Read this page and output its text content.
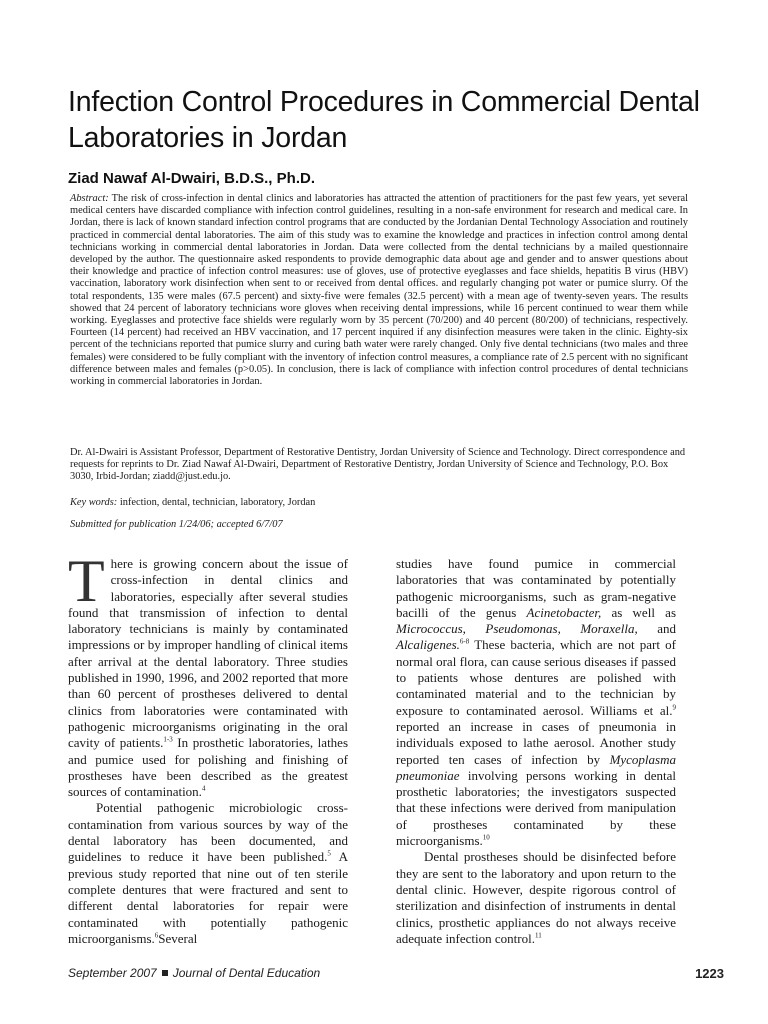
Infection Control Procedures in Commercial Dental Laboratories in Jordan
Ziad Nawaf Al-Dwairi, B.D.S., Ph.D.

Abstract: The risk of cross-infection in dental clinics and laboratories has attracted the attention of practitioners for the past few years, yet several medical centers have discarded compliance with infection control guidelines, resulting in a non-safe environment for research and medical care. In Jordan, there is lack of known standard infection control programs that are conducted by the Jordanian Dental Technology Association and routinely practiced in commercial dental laboratories. The aim of this study was to examine the knowledge and practices in infection control among dental technicians working in commercial dental laboratories in Jordan. Data were collected from the dental technicians by a mailed questionnaire developed by the author. The questionnaire asked respondents to provide demographic data about age and gender and to answer questions about their knowledge and practice of infection control measures: use of gloves, use of protective eyeglasses and face shields, hepatitis B virus (HBV) vaccination, laboratory work disinfection when sent to or received from dental offices. and regularly changing pot water or pumice slurry. Of the total respondents, 135 were males (67.5 percent) and sixty-five were females (32.5 percent) with a mean age of twenty-seven years. The results showed that 24 percent of laboratory technicians wore gloves when receiving dental impressions, while 16 percent continued to wear them while working. Eyeglasses and protective face shields were regularly worn by 35 percent (70/200) and 40 percent (80/200) of technicians, respectively. Fourteen (14 percent) had received an HBV vaccination, and 17 percent inquired if any disinfection measures were taken in the clinic. Eighty-six percent of the technicians reported that pumice slurry and curing bath water were rarely changed. Only five dental technicians (two males and three females) were considered to be fully compliant with the inventory of infection control measures, a compliance rate of 2.5 percent with no significant difference between males and females (p>0.05). In conclusion, there is lack of compliance with infection control procedures of dental technicians working in commercial laboratories in Jordan.

Dr. Al-Dwairi is Assistant Professor, Department of Restorative Dentistry, Jordan University of Science and Technology. Direct correspondence and requests for reprints to Dr. Ziad Nawaf Al-Dwairi, Department of Restorative Dentistry, Jordan University of Science and Technology, P.O. Box 3030, Irbid-Jordan; ziadd@just.edu.jo.

Key words: infection, dental, technician, laboratory, Jordan
Submitted for publication 1/24/06; accepted 6/7/07

There is growing concern about the issue of cross-infection in dental clinics and laboratories, especially after several studies found that transmission of infection to dental laboratory technicians is mainly by contaminated impressions or by improper handling of clinical items after arrival at the dental laboratory. Three studies published in 1990, 1996, and 2002 reported that more than 60 percent of prostheses delivered to dental clinics from laboratories were contaminated with pathogenic microorganisms originating in the oral cavity of patients.$^{1-3}$ In prosthetic laboratories, lathes and pumice used for polishing and finishing of prostheses have been described as the greatest sources of contamination.$^4$

Potential pathogenic microbiologic cross-contamination from various sources by way of the dental laboratory has been documented, and guidelines to reduce it have been published.$^5$ A previous study reported that nine out of ten sterile complete dentures that were fractured and sent to different dental laboratories for repair were contaminated with potentially pathogenic microorganisms.$^6$Several

studies have found pumice in commercial laboratories that was contaminated by potentially pathogenic microorganisms, such as gram-negative bacilli of the genus Acinetobacter, as well as Micrococcus, Pseudomonas, Moraxella, and Alcaligenes.$^{6-8}$ These bacteria, which are not part of normal oral flora, can cause serious diseases if passed to patients whose dentures are polished with contaminated material and to the technician by exposure to contaminated aerosol. Williams et al.$^9$ reported an increase in cases of pneumonia in individuals exposed to lathe aerosol. Another study reported ten cases of infection by Mycoplasma pneumoniae involving persons working in dental prosthetic laboratories; the investigators suspected that these infections were derived from manipulation of prostheses contaminated by these microorganisms.$^{10}$

Dental prostheses should be disinfected before they are sent to the laboratory and upon return to the dental clinic. However, despite rigorous control of sterilization and disinfection of instruments in dental clinics, prosthetic appliances do not always receive adequate infection control.$^{11}$

September 2007 Journal of Dental Education	1223
